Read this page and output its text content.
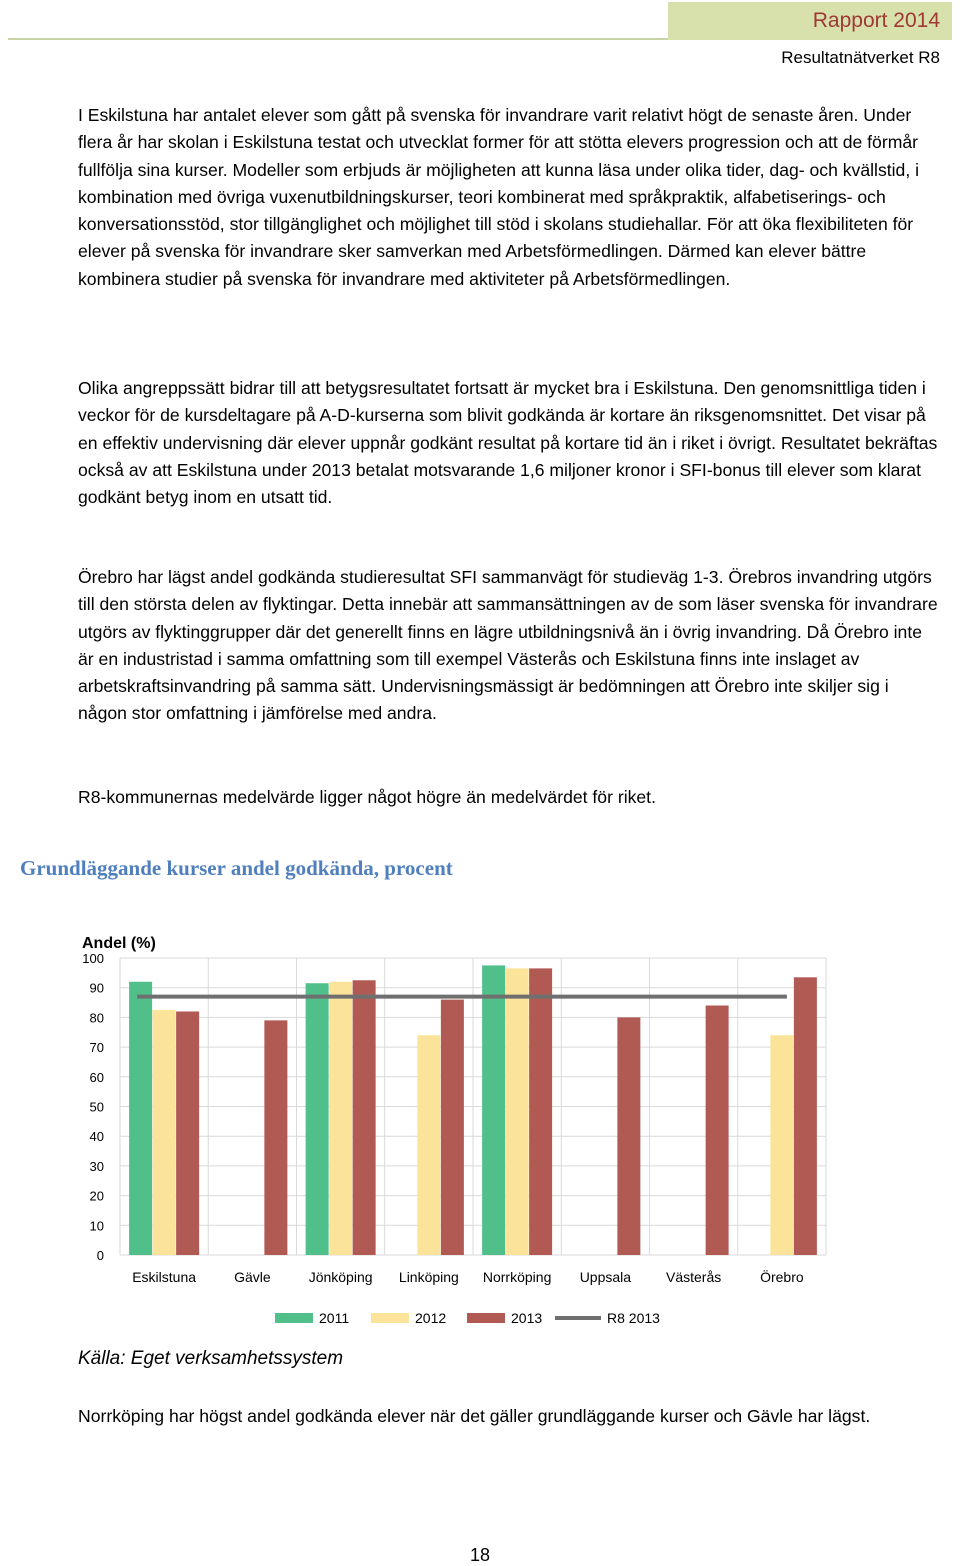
Rapport 2014
Resultatnätverket R8

I Eskilstuna har antalet elever som gått på svenska för invandrare varit relativt högt de senaste åren. Under flera år har skolan i Eskilstuna testat och utvecklat former för att stötta elevers progression och att de förmår fullfölja sina kurser. Modeller som erbjuds är möjligheten att kunna läsa under olika tider, dag- och kvällstid, i kombination med övriga vuxenutbildningskurser, teori kombinerat med språkpraktik, alfabetiserings- och konversationsstöd, stor tillgänglighet och möjlighet till stöd i skolans studiehallar. För att öka flexibiliteten för elever på svenska för invandrare sker samverkan med Arbetsförmedlingen. Därmed kan elever bättre kombinera studier på svenska för invandrare med aktiviteter på Arbetsförmedlingen.

Olika angreppssätt bidrar till att betygsresultatet fortsatt är mycket bra i Eskilstuna. Den genomsnittliga tiden i veckor för de kursdeltagare på A-D-kurserna som blivit godkända är kortare än riksgenomsnittet. Det visar på en effektiv undervisning där elever uppnår godkänt resultat på kortare tid än i riket i övrigt. Resultatet bekräftas också av att Eskilstuna under 2013 betalat motsvarande 1,6 miljoner kronor i SFI-bonus till elever som klarat godkänt betyg inom en utsatt tid.

Örebro har lägst andel godkända studieresultat SFI sammanvägt för studieväg 1-3. Örebros invandring utgörs till den största delen av flyktingar. Detta innebär att sammansättningen av de som läser svenska för invandrare utgörs av flyktinggrupper där det generellt finns en lägre utbildningsnivå än i övrig invandring. Då Örebro inte är en industristad i samma omfattning som till exempel Västerås och Eskilstuna finns inte inslaget av arbetskraftsinvandring på samma sätt. Undervisningsmässigt är bedömningen att Örebro inte skiljer sig i någon stor omfattning i jämförelse med andra.

R8-kommunernas medelvärde ligger något högre än medelvärdet för riket.

Grundläggande kurser andel godkända, procent
0
10
20
30
40
50
60
70
80
90
100
Andel (%)
Eskilstuna	Gävle	Jönköping Linköping Norrköping Uppsala Västerås	Örebro
2011	2012	2013	R8 2013
Källa: Eget verksamhetssystem

Norrköping har högst andel godkända elever när det gäller grundläggande kurser och Gävle har lägst.

18
